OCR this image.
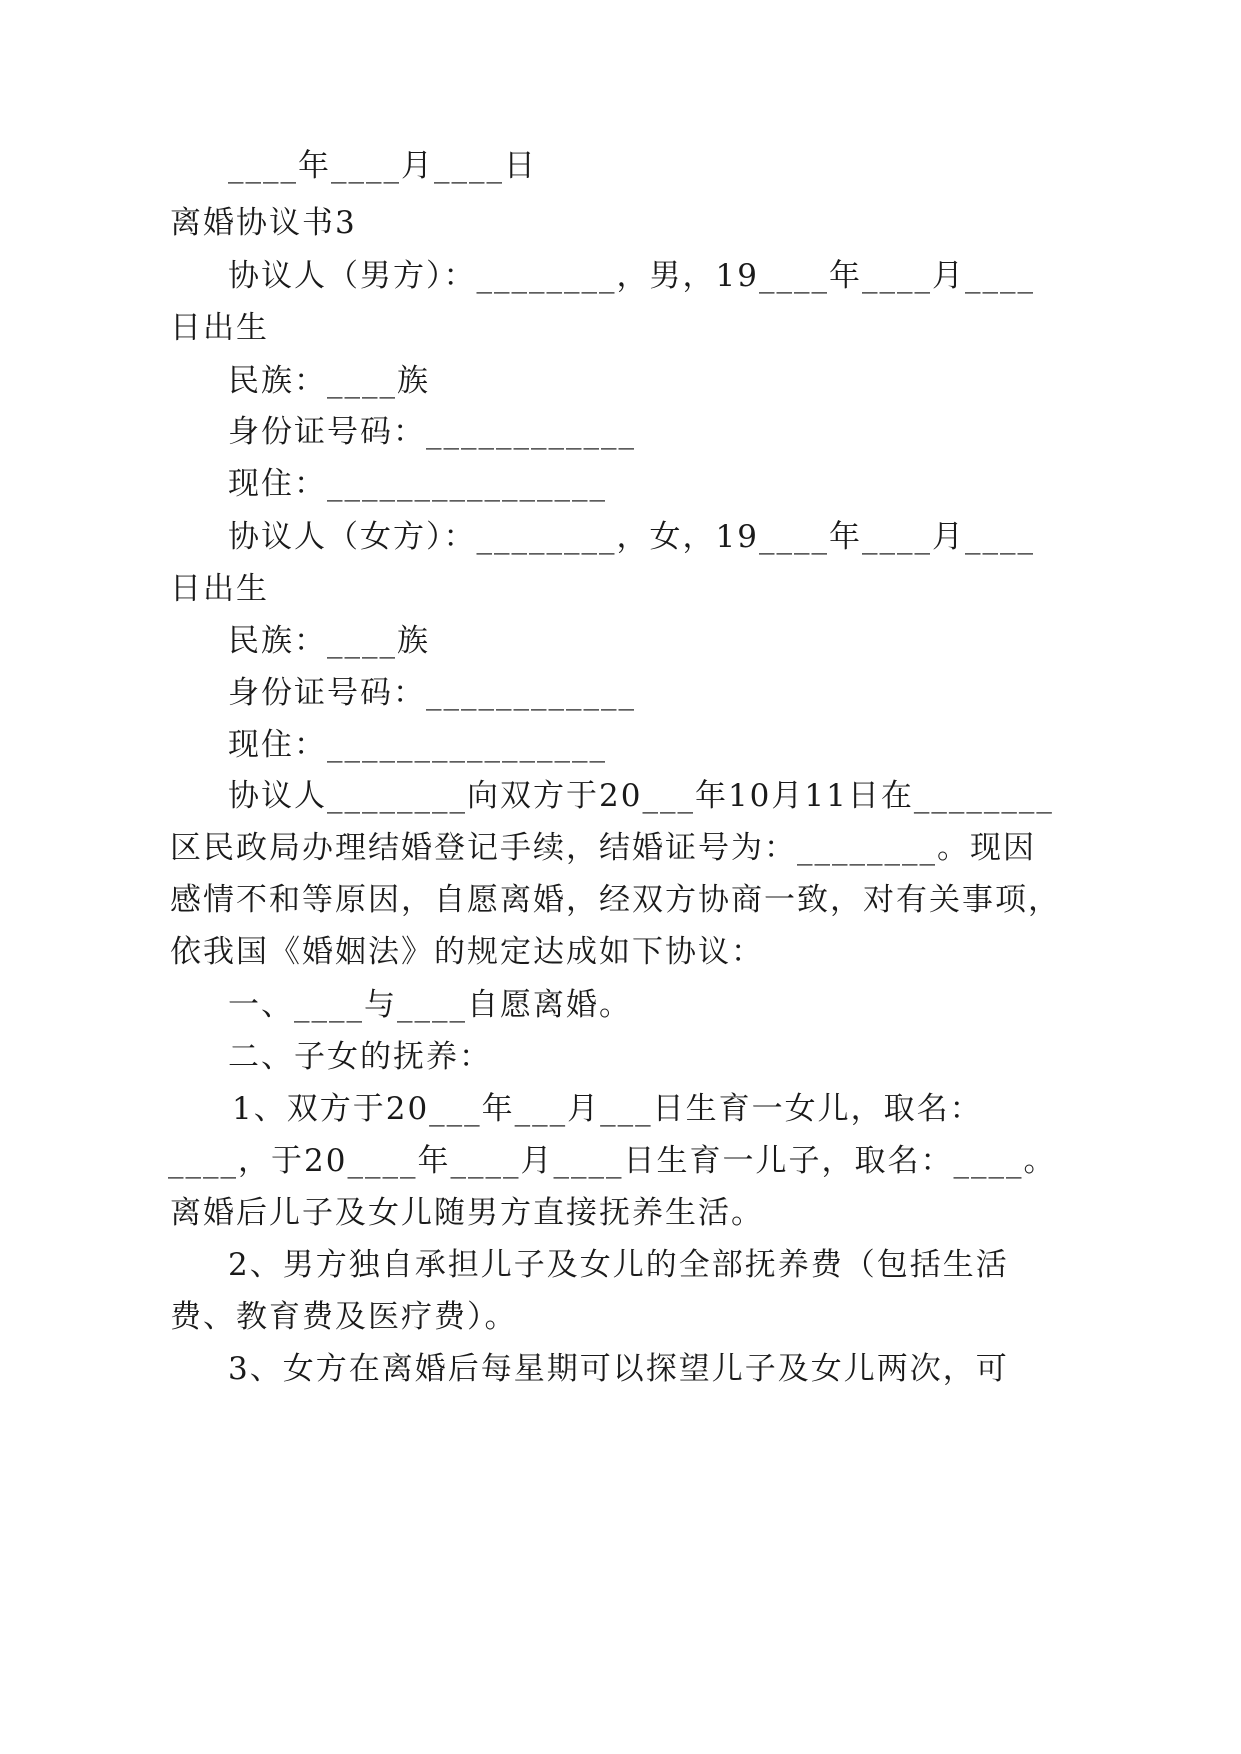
____年____月____日
离婚协议书3
协议人（男方）：________，男，19____年____月____
日出生
民族：____族
身份证号码：____________
现住：________________
协议人（女方）：________，女，19____年____月____
日出生
民族：____族
身份证号码：____________
现住：________________
协议人________向双方于20___年10月11日在________
区民政局办理结婚登记手续，结婚证号为：________。现因
感情不和等原因，自愿离婚，经双方协商一致，对有关事项，
依我国《婚姻法》的规定达成如下协议：
一、____与____自愿离婚。
二、子女的抚养：
1、双方于20___年___月___日生育一女儿，取名：
____，于20____年____月____日生育一儿子，取名：____。
离婚后儿子及女儿随男方直接抚养生活。
2、男方独自承担儿子及女儿的全部抚养费（包括生活
费、教育费及医疗费）。
3、女方在离婚后每星期可以探望儿子及女儿两次，可
